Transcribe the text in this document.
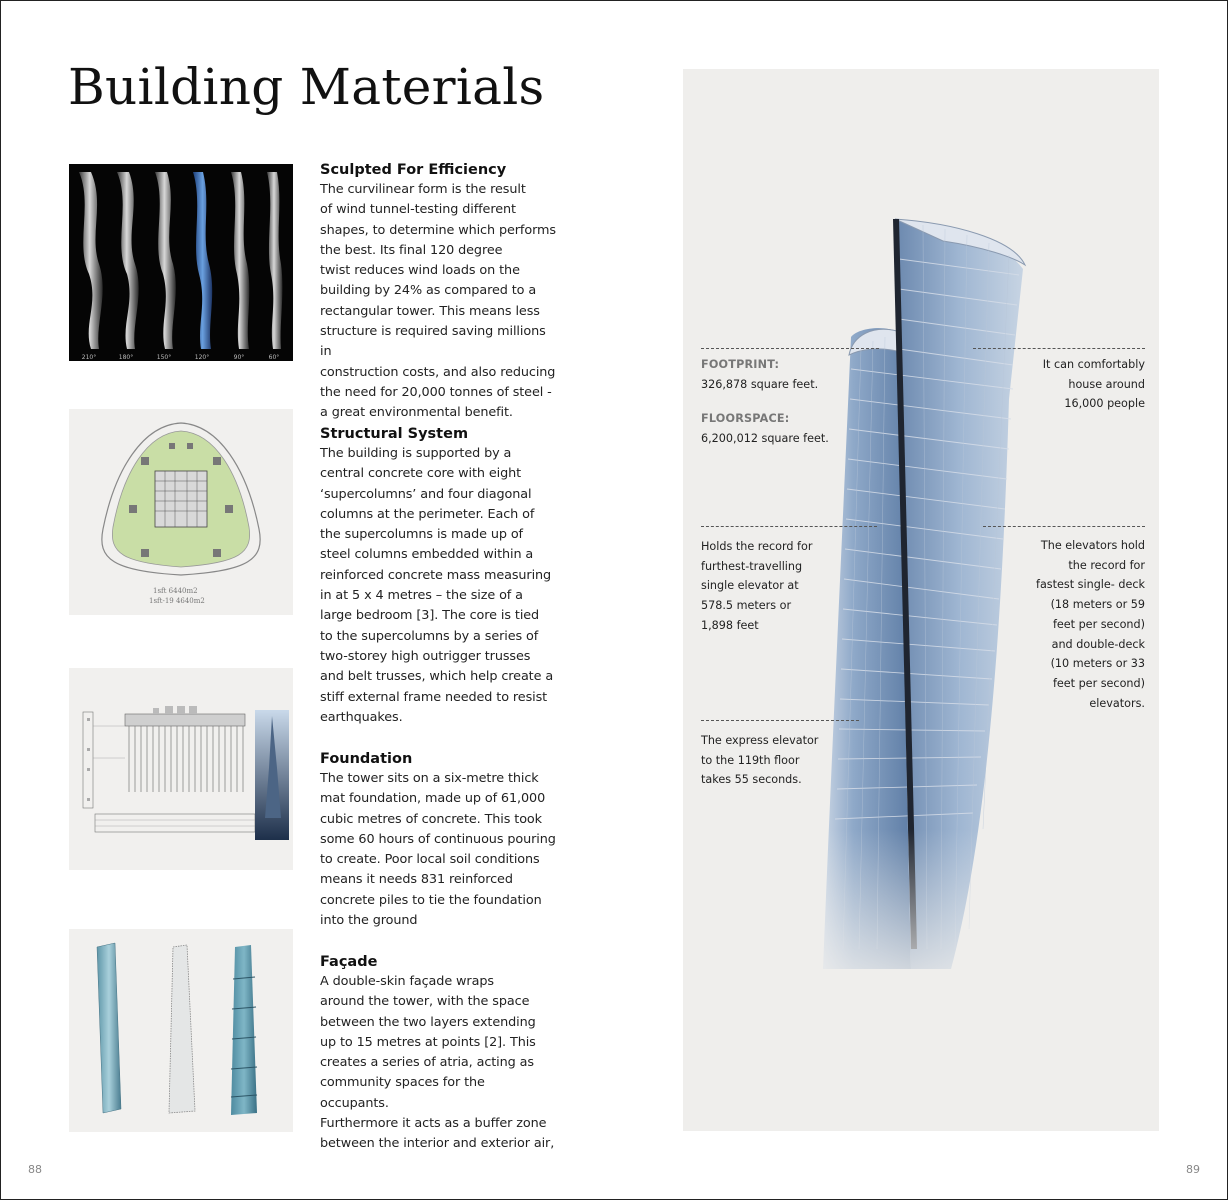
Building Materials
210°	180°	150°	120°	90°	60°
1sft 6440m2
1sft-19 4640m2
Sculpted For Efficiency

The curvilinear form is the result
of wind tunnel-testing different
shapes, to determine which performs
the best. Its final 120 degree
twist reduces wind loads on the
building by 24% as compared to a
rectangular tower. This means less
structure is required saving millions in
construction costs, and also reducing
the need for 20,000 tonnes of steel -
a great environmental benefit.

Structural System

The building is supported by a
central concrete core with eight
‘supercolumns’ and four diagonal
columns at the perimeter. Each of
the supercolumns is made up of
steel columns embedded within a
reinforced concrete mass measuring
in at 5 x 4 metres – the size of a
large bedroom [3]. The core is tied
to the supercolumns by a series of
two-storey high outrigger trusses
and belt trusses, which help create a
stiff external frame needed to resist
earthquakes.

Foundation

The tower sits on a six-metre thick
mat foundation, made up of 61,000
cubic metres of concrete. This took
some 60 hours of continuous pouring
to create. Poor local soil conditions
means it needs 831 reinforced
concrete piles to tie the foundation
into the ground

Façade

A double-skin façade wraps
around the tower, with the space
between the two layers extending
up to 15 metres at points [2]. This
creates a series of atria, acting as
community spaces for the occupants.
Furthermore it acts as a buffer zone
between the interior and exterior air,

FOOTPRINT:
326,878 square feet.
FLOORSPACE:
6,200,012 square feet.
Holds the record for
furthest-travelling
single elevator at
578.5 meters or
1,898 feet
The express elevator
to the 119th floor
takes 55 seconds.
It can comfortably
house around
16,000 people
The elevators hold
the record for
fastest single- deck
(18 meters or 59
feet per second)
and double-deck
(10 meters or 33
feet per second)
elevators.
88	89
